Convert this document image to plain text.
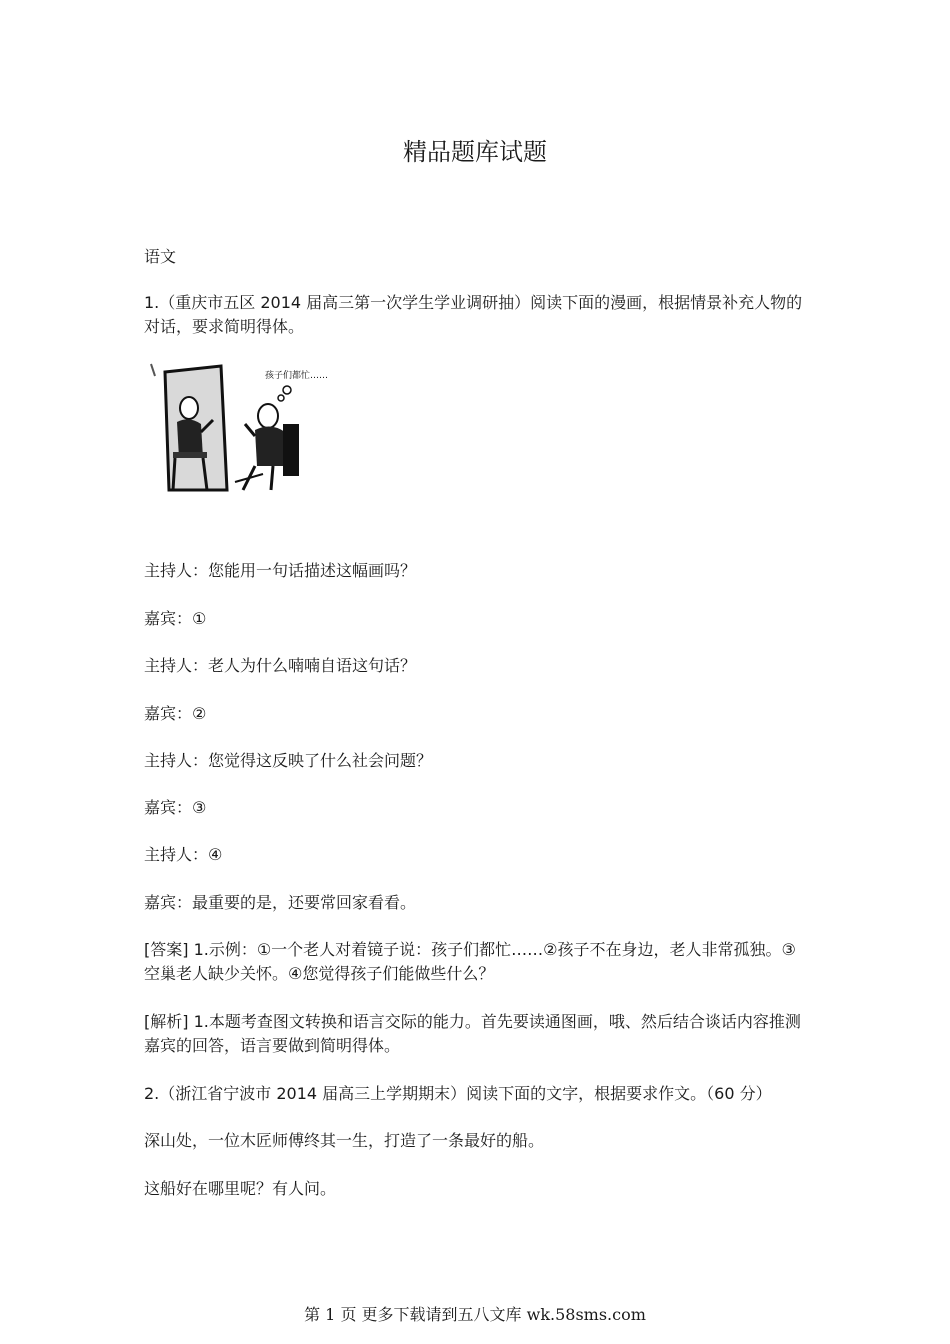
精品题库试题
语文
1.（重庆市五区 2014 届高三第一次学生学业调研抽）阅读下面的漫画，根据情景补充人物的对话，要求简明得体。
孩子们都忙……
主持人：您能用一句话描述这幅画吗？
嘉宾：①
主持人：老人为什么喃喃自语这句话？
嘉宾：②
主持人：您觉得这反映了什么社会问题？
嘉宾：③
主持人：④
嘉宾：最重要的是，还要常回家看看。
[答案] 1.示例：①一个老人对着镜子说：孩子们都忙……②孩子不在身边，老人非常孤独。③空巢老人缺少关怀。④您觉得孩子们能做些什么？
[解析] 1.本题考查图文转换和语言交际的能力。首先要读通图画，哦、然后结合谈话内容推测嘉宾的回答，语言要做到简明得体。
2.（浙江省宁波市 2014 届高三上学期期末）阅读下面的文字，根据要求作文。（60 分）
深山处，一位木匠师傅终其一生，打造了一条最好的船。
这船好在哪里呢？有人问。
第 1 页 更多下载请到五八文库 wk.58sms.com
